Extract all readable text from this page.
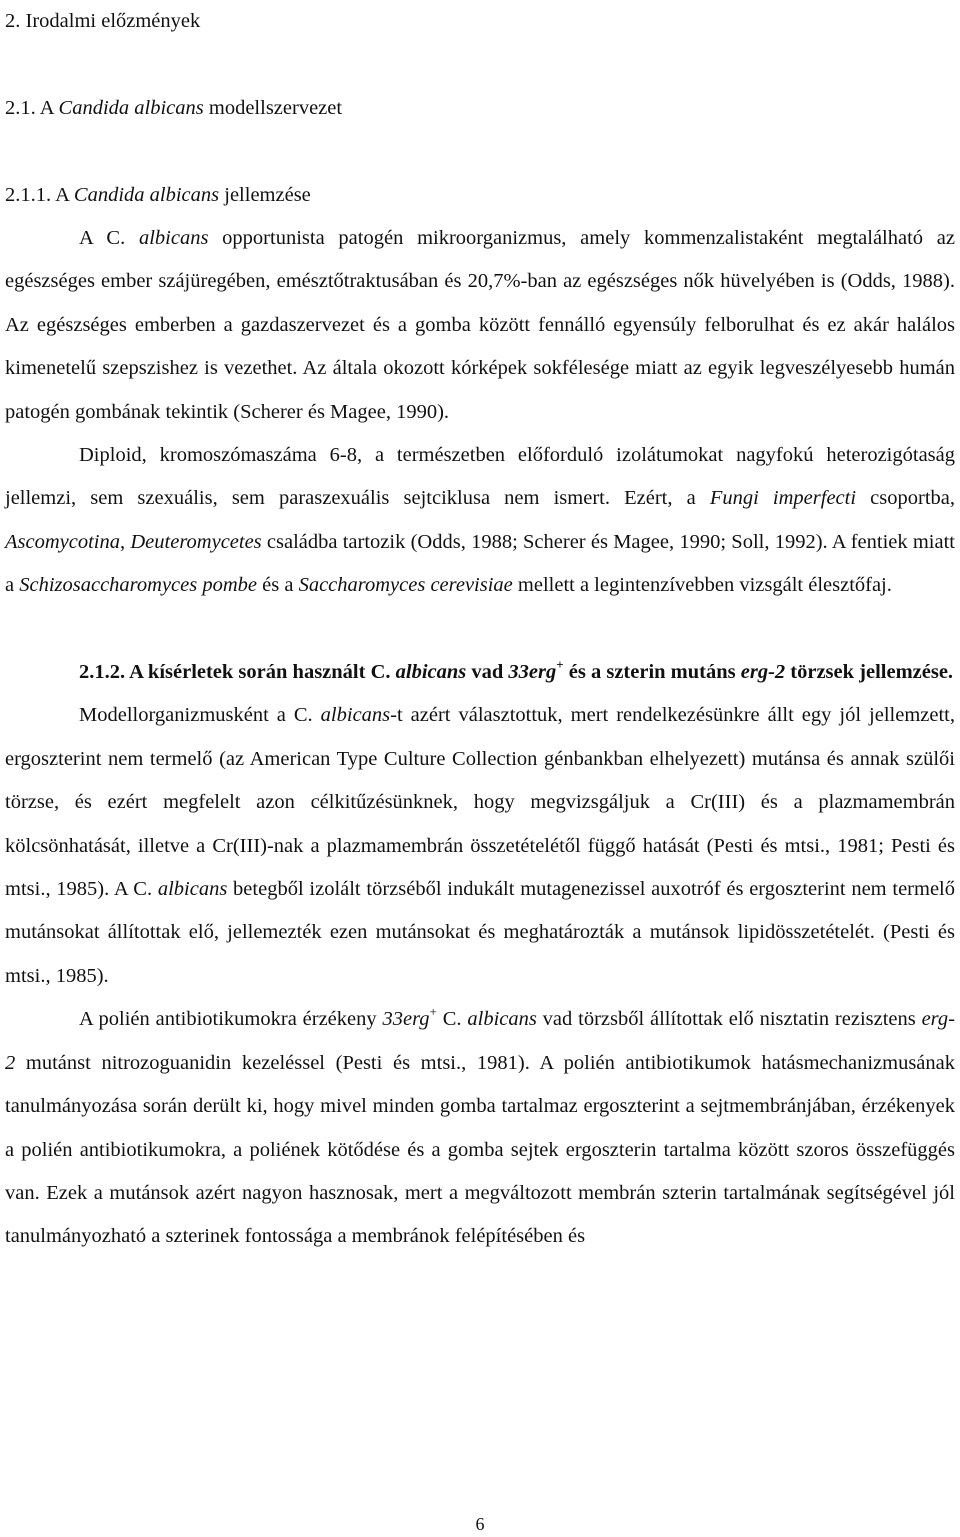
2. Irodalmi előzmények
2.1. A Candida albicans modellszervezet
2.1.1. A Candida albicans jellemzése

A C. albicans opportunista patogén mikroorganizmus, amely kommenzalistaként megtalálható az egészséges ember szájüregében, emésztőtraktusában és 20,7%-ban az egészséges nők hüvelyében is (Odds, 1988). Az egészséges emberben a gazdaszervezet és a gomba között fennálló egyensúly felborulhat és ez akár halálos kimenetelű szepszishez is vezethet. Az általa okozott kórképek sokfélesége miatt az egyik legveszélyesebb humán patogén gombának tekintik (Scherer és Magee, 1990).

Diploid, kromoszómaszáma 6-8, a természetben előforduló izolátumokat nagyfokú heterozigótaság jellemzi, sem szexuális, sem paraszexuális sejtciklusa nem ismert. Ezért, a Fungi imperfecti csoportba, Ascomycotina, Deuteromycetes családba tartozik (Odds, 1988; Scherer és Magee, 1990; Soll, 1992). A fentiek miatt a Schizosaccharomyces pombe és a Saccharomyces cerevisiae mellett a legintenzívebben vizsgált élesztőfaj.

2.1.2. A kísérletek során használt C. albicans vad 33erg+ és a szterin mutáns erg-2 törzsek jellemzése.

Modellorganizmusként a C. albicans-t azért választottuk, mert rendelkezésünkre állt egy jól jellemzett, ergoszterint nem termelő (az American Type Culture Collection génbankban elhelyezett) mutánsa és annak szülői törzse, és ezért megfelelt azon célkitűzésünknek, hogy megvizsgáljuk a Cr(III) és a plazmamembrán kölcsönhatását, illetve a Cr(III)-nak a plazmamembrán összetételétől függő hatását (Pesti és mtsi., 1981; Pesti és mtsi., 1985). A C. albicans betegből izolált törzséből indukált mutagenezissel auxotróf és ergoszterint nem termelő mutánsokat állítottak elő, jellemezték ezen mutánsokat és meghatározták a mutánsok lipidösszetételét. (Pesti és mtsi., 1985).

A polién antibiotikumokra érzékeny 33erg+ C. albicans vad törzsből állítottak elő nisztatin rezisztens erg-2 mutánst nitrozoguanidin kezeléssel (Pesti és mtsi., 1981). A polién antibiotikumok hatásmechanizmusának tanulmányozása során derült ki, hogy mivel minden gomba tartalmaz ergoszterint a sejtmembránjában, érzékenyek a polién antibiotikumokra, a poliének kötődése és a gomba sejtek ergoszterin tartalma között szoros összefüggés van. Ezek a mutánsok azért nagyon hasznosak, mert a megváltozott membrán szterin tartalmának segítségével jól tanulmányozható a szterinek fontossága a membránok felépítésében és

6
